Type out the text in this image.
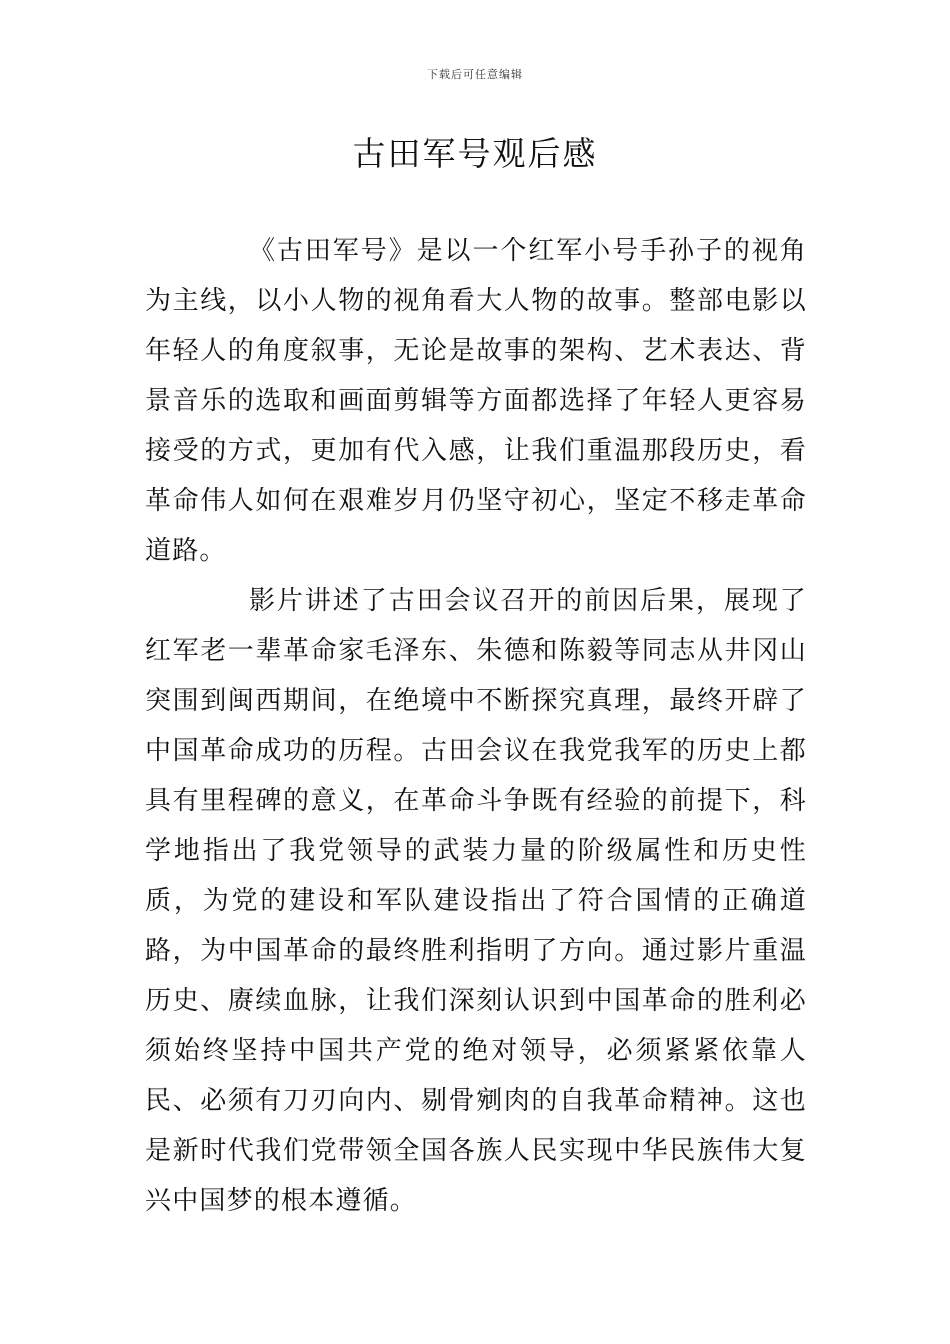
下载后可任意编辑
古田军号观后感

《古田军号》是以一个红军小号手孙子的视角为主线，以小人物的视角看大人物的故事。整部电影以年轻人的角度叙事，无论是故事的架构、艺术表达、背景音乐的选取和画面剪辑等方面都选择了年轻人更容易接受的方式，更加有代入感，让我们重温那段历史，看革命伟人如何在艰难岁月仍坚守初心，坚定不移走革命道路。

影片讲述了古田会议召开的前因后果，展现了红军老一辈革命家毛泽东、朱德和陈毅等同志从井冈山突围到闽西期间，在绝境中不断探究真理，最终开辟了中国革命成功的历程。古田会议在我党我军的历史上都具有里程碑的意义，在革命斗争既有经验的前提下，科学地指出了我党领导的武装力量的阶级属性和历史性质，为党的建设和军队建设指出了符合国情的正确道路，为中国革命的最终胜利指明了方向。通过影片重温历史、赓续血脉，让我们深刻认识到中国革命的胜利必须始终坚持中国共产党的绝对领导，必须紧紧依靠人民、必须有刀刃向内、剔骨剜肉的自我革命精神。这也是新时代我们党带领全国各族人民实现中华民族伟大复兴中国梦的根本遵循。
